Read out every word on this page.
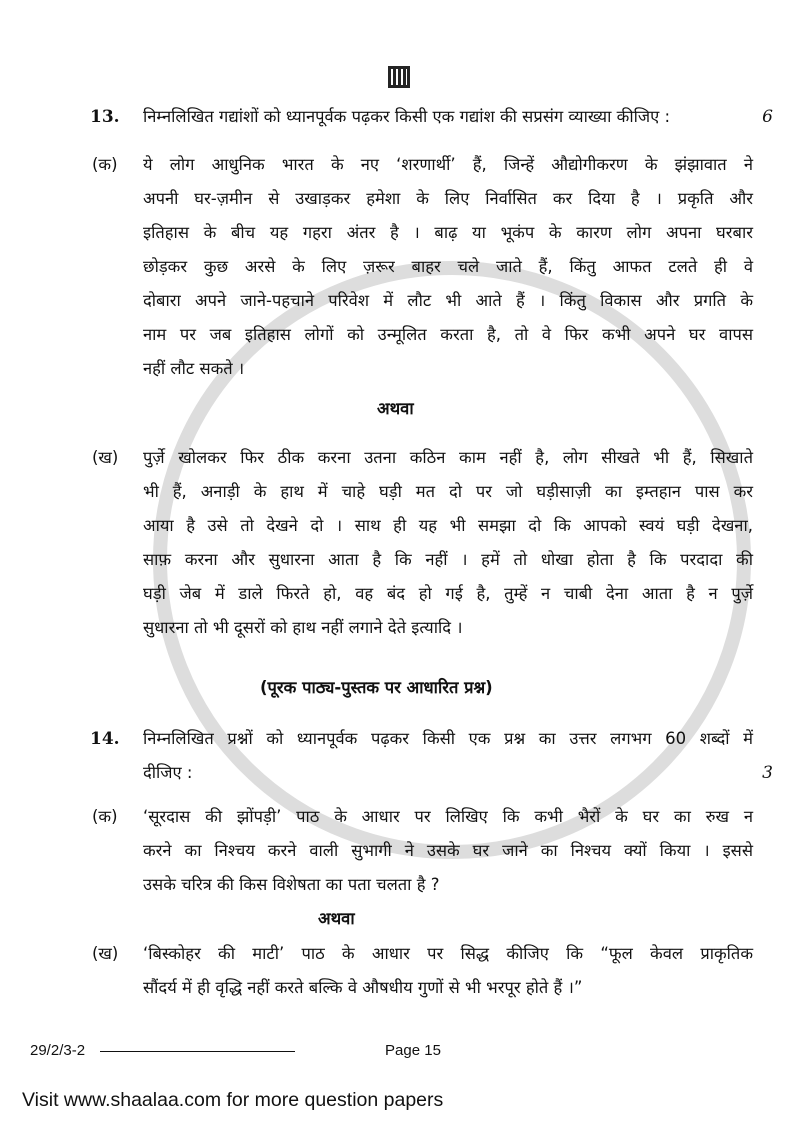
13.	निम्नलिखित गद्यांशों को ध्यानपूर्वक पढ़कर किसी एक गद्यांश की सप्रसंग व्याख्या कीजिए :	6
(क)	ये लोग आधुनिक भारत के नए ‘शरणार्थी’ हैं, जिन्हें औद्योगीकरण के झंझावात ने
अपनी घर-ज़मीन से उखाड़कर हमेशा के लिए निर्वासित कर दिया है । प्रकृति और
इतिहास के बीच यह गहरा अंतर है । बाढ़ या भूकंप के कारण लोग अपना घरबार
छोड़कर कुछ अरसे के लिए ज़रूर बाहर चले जाते हैं, किंतु आफत टलते ही वे
दोबारा अपने जाने-पहचाने परिवेश में लौट भी आते हैं । किंतु विकास और प्रगति के
नाम पर जब इतिहास लोगों को उन्मूलित करता है, तो वे फिर कभी अपने घर वापस
नहीं लौट सकते ।
अथवा
(ख)	पुर्ज़े खोलकर फिर ठीक करना उतना कठिन काम नहीं है, लोग सीखते भी हैं, सिखाते
भी हैं, अनाड़ी के हाथ में चाहे घड़ी मत दो पर जो घड़ीसाज़ी का इम्तहान पास कर
आया है उसे तो देखने दो । साथ ही यह भी समझा दो कि आपको स्वयं घड़ी देखना,
साफ़ करना और सुधारना आता है कि नहीं । हमें तो धोखा होता है कि परदादा की
घड़ी जेब में डाले फिरते हो, वह बंद हो गई है, तुम्हें न चाबी देना आता है न पुर्ज़े
सुधारना तो भी दूसरों को हाथ नहीं लगाने देते इत्यादि ।
(पूरक पाठ्य-पुस्तक पर आधारित प्रश्न)
14.	निम्नलिखित प्रश्नों को ध्यानपूर्वक पढ़कर किसी एक प्रश्न का उत्तर लगभग 60 शब्दों में
दीजिए :	3
(क)	‘सूरदास की झोंपड़ी’ पाठ के आधार पर लिखिए कि कभी भैरों के घर का रुख न
करने का निश्चय करने वाली सुभागी ने उसके घर जाने का निश्चय क्यों किया । इससे
उसके चरित्र की किस विशेषता का पता चलता है ?
अथवा
(ख)	‘बिस्कोहर की माटी’ पाठ के आधार पर सिद्ध कीजिए कि “फूल केवल प्राकृतिक
सौंदर्य में ही वृद्धि नहीं करते बल्कि वे औषधीय गुणों से भी भरपूर होते हैं ।”
29/2/3-2	Page 15
Visit www.shaalaa.com for more question papers
